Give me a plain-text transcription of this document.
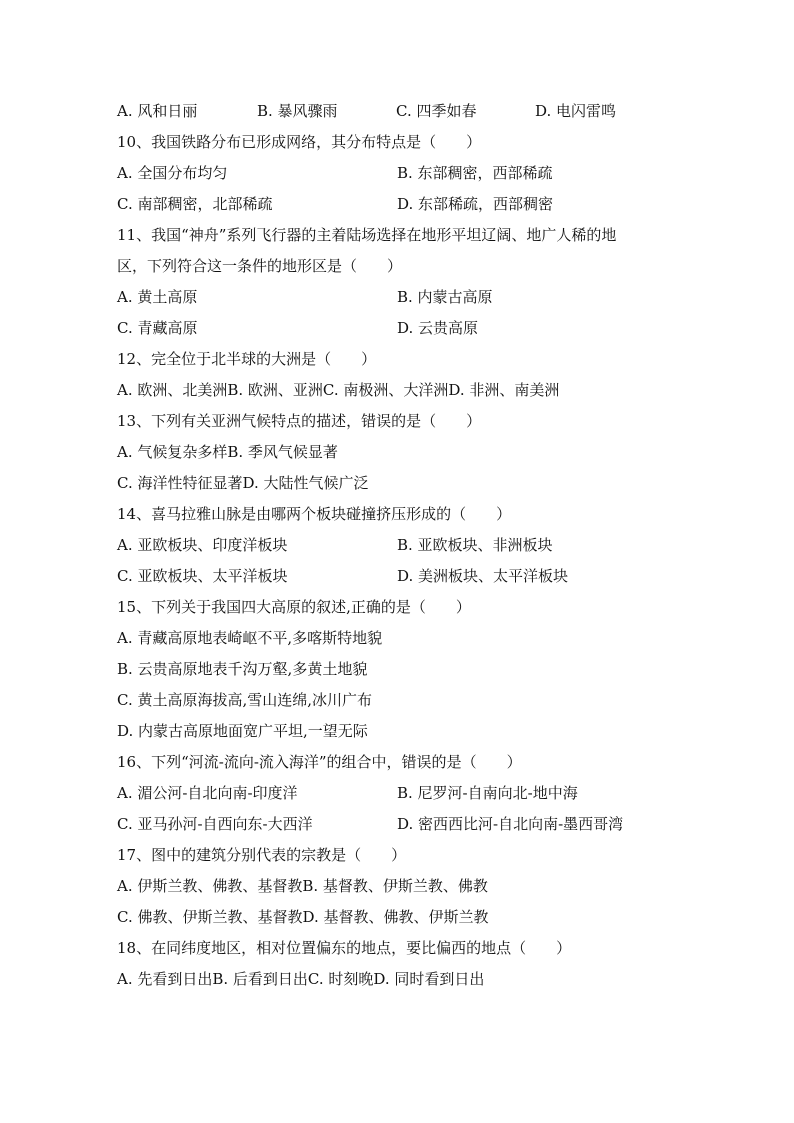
A. 风和日丽	B. 暴风骤雨	C. 四季如春	D. 电闪雷鸣
10、我国铁路分布已形成网络，其分布特点是（　　）
A. 全国分布均匀	B. 东部稠密，西部稀疏
C. 南部稠密，北部稀疏	D. 东部稀疏，西部稠密
11、我国“神舟”系列飞行器的主着陆场选择在地形平坦辽阔、地广人稀的地
区，下列符合这一条件的地形区是（　　）
A. 黄土高原	B. 内蒙古高原
C. 青藏高原	D. 云贵高原
12、完全位于北半球的大洲是（　　）
A. 欧洲、北美洲B. 欧洲、亚洲C. 南极洲、大洋洲D. 非洲、南美洲
13、下列有关亚洲气候特点的描述，错误的是（　　）
A. 气候复杂多样B. 季风气候显著
C. 海洋性特征显著D. 大陆性气候广泛
14、喜马拉雅山脉是由哪两个板块碰撞挤压形成的（　　）
A. 亚欧板块、印度洋板块	B. 亚欧板块、非洲板块
C. 亚欧板块、太平洋板块	D. 美洲板块、太平洋板块
15、下列关于我国四大高原的叙述,正确的是（　　）
A. 青藏高原地表崎岖不平,多喀斯特地貌
B. 云贵高原地表千沟万壑,多黄土地貌
C. 黄土高原海拔高,雪山连绵,冰川广布
D. 内蒙古高原地面宽广平坦,一望无际
16、下列“河流-流向-流入海洋”的组合中，错误的是（　　）
A. 湄公河-自北向南-印度洋	B. 尼罗河-自南向北-地中海
C. 亚马孙河-自西向东-大西洋	D. 密西西比河-自北向南-墨西哥湾
17、图中的建筑分别代表的宗教是（　　）
A. 伊斯兰教、佛教、基督教B. 基督教、伊斯兰教、佛教
C. 佛教、伊斯兰教、基督教D. 基督教、佛教、伊斯兰教
18、在同纬度地区，相对位置偏东的地点，要比偏西的地点（　　）
A. 先看到日出B. 后看到日出C. 时刻晚D. 同时看到日出
